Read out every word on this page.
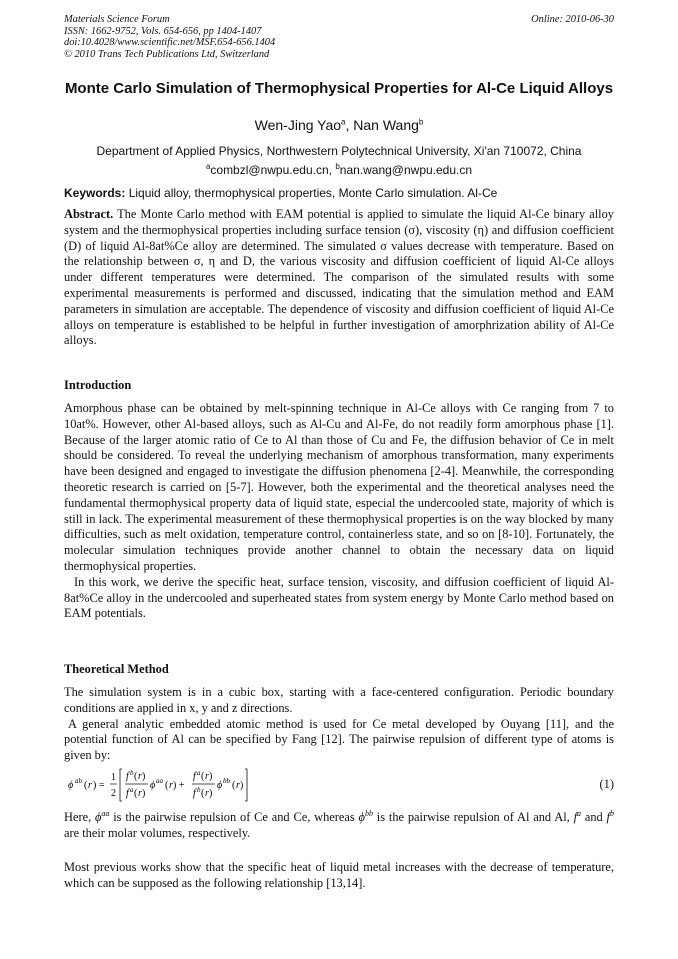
Materials Science Forum
ISSN: 1662-9752, Vols. 654-656, pp 1404-1407
doi:10.4028/www.scientific.net/MSF.654-656.1404
© 2010 Trans Tech Publications Ltd, Switzerland
Online: 2010-06-30
Monte Carlo Simulation of Thermophysical Properties for Al-Ce Liquid Alloys
Wen-Jing Yao$^a$, Nan Wang$^b$
Department of Applied Physics, Northwestern Polytechnical University, Xi'an 710072, China
$^a$combzl@nwpu.edu.cn, $^b$nan.wang@nwpu.edu.cn
Keywords: Liquid alloy, thermophysical properties, Monte Carlo simulation. Al-Ce

Abstract. The Monte Carlo method with EAM potential is applied to simulate the liquid Al-Ce binary alloy system and the thermophysical properties including surface tension (σ), viscosity (η) and diffusion coefficient (D) of liquid Al-8at%Ce alloy are determined. The simulated σ values decrease with temperature. Based on the relationship between σ, η and D, the various viscosity and diffusion coefficient of liquid Al-Ce alloys under different temperatures were determined. The comparison of the simulated results with some experimental measurements is performed and discussed, indicating that the simulation method and EAM parameters in simulation are acceptable. The dependence of viscosity and diffusion coefficient of liquid Al-Ce alloys on temperature is established to be helpful in further investigation of amorphrization ability of Al-Ce alloys.

Introduction

Amorphous phase can be obtained by melt-spinning technique in Al-Ce alloys with Ce ranging from 7 to 10at%. However, other Al-based alloys, such as Al-Cu and Al-Fe, do not readily form amorphous phase [1]. Because of the larger atomic ratio of Ce to Al than those of Cu and Fe, the diffusion behavior of Ce in melt should be considered. To reveal the underlying mechanism of amorphous transformation, many experiments have been designed and engaged to investigate the diffusion phenomena [2-4]. Meanwhile, the corresponding theoretic research is carried on [5-7]. However, both the experimental and the theoretical analyses need the fundamental thermophysical property data of liquid state, especial the undercooled state, majority of which is still in lack. The experimental measurement of these thermophysical properties is on the way blocked by many difficulties, such as melt oxidation, temperature control, containerless state, and so on [8-10]. Fortunately, the molecular simulation techniques provide another channel to obtain the necessary data on liquid thermophysical properties.

In this work, we derive the specific heat, surface tension, viscosity, and diffusion coefficient of liquid Al-8at%Ce alloy in the undercooled and superheated states from system energy by Monte Carlo method based on EAM potentials.

Theoretical Method

The simulation system is in a cubic box, starting with a face-centered configuration. Periodic boundary conditions are applied in x, y and z directions.

A general analytic embedded atomic method is used for Ce metal developed by Ouyang [11], and the potential function of Al can be specified by Fang [12]. The pairwise repulsion of different type of atoms is given by:

ϕ ab ( r ) =
1
2
f b ( r )
f a ( r )
ϕ aa ( r ) +
f a ( r )
f b ( r )
ϕ bb ( r )	(1)

Here, $\phi^{aa}$ is the pairwise repulsion of Ce and Ce, whereas $\phi^{bb}$ is the pairwise repulsion of Al and Al, $f^a$ and $f^b$ are their molar volumes, respectively.

Most previous works show that the specific heat of liquid metal increases with the decrease of temperature, which can be supposed as the following relationship [13,14].
